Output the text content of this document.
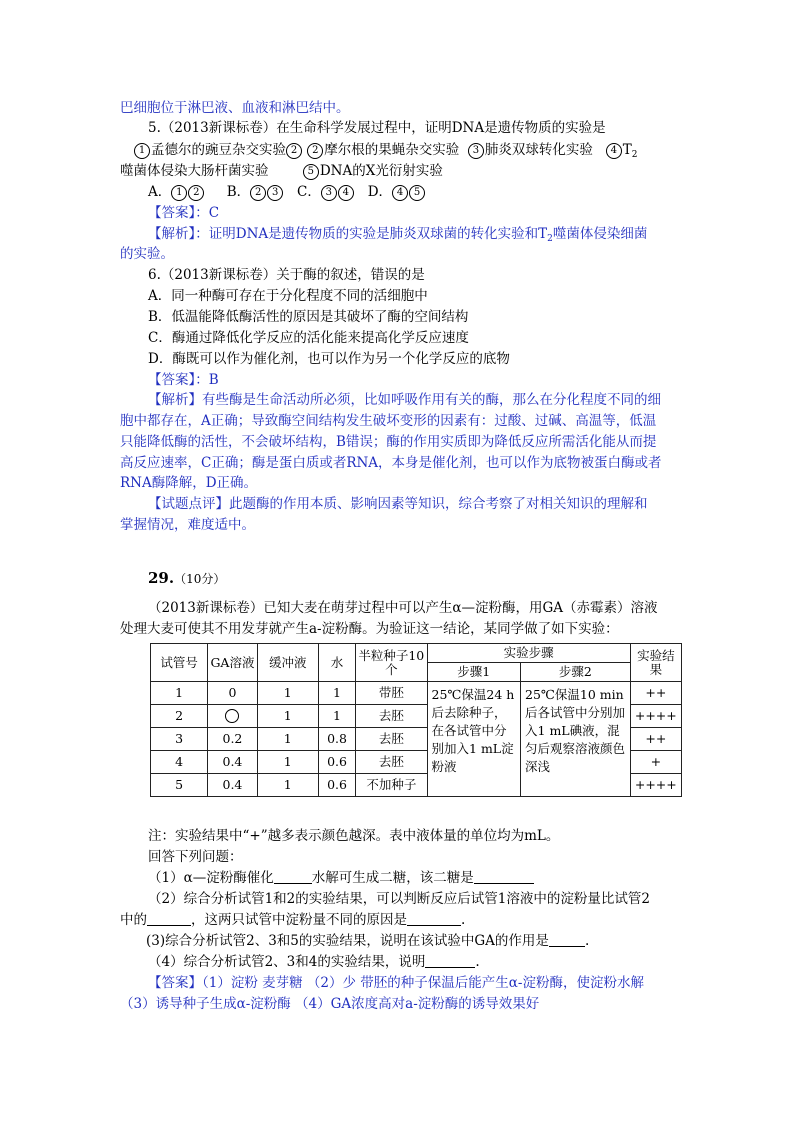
巴细胞位于淋巴液、血液和淋巴结中。
5.（2013新课标卷）在生命科学发展过程中，证明DNA是遗传物质的实验是
1 孟德尔的豌豆杂交实验 2 2 摩尔根的果蝇杂交实验 3 肺炎双球转化实验 4 $T_2$
噬菌体侵染大肠杆菌实验	5 DNA的X光衍射实验
A． 1 2 B． 2 3 C． 3 4 D． 4 5
【答案】：C
【解析】：证明DNA是遗传物质的实验是肺炎双球菌的转化实验和$T_2$噬菌体侵染细菌
的实验。
6.（2013新课标卷）关于酶的叙述，错误的是
A．同一种酶可存在于分化程度不同的活细胞中
B．低温能降低酶活性的原因是其破坏了酶的空间结构
C．酶通过降低化学反应的活化能来提高化学反应速度
D．酶既可以作为催化剂，也可以作为另一个化学反应的底物
【答案】：B
【解析】有些酶是生命活动所必须，比如呼吸作用有关的酶，那么在分化程度不同的细
胞中都存在，A正确；导致酶空间结构发生破坏变形的因素有：过酸、过碱、高温等，低温
只能降低酶的活性，不会破坏结构，B错误；酶的作用实质即为降低反应所需活化能从而提
高反应速率，C正确；酶是蛋白质或者RNA，本身是催化剂，也可以作为底物被蛋白酶或者
RNA酶降解，D正确。
【试题点评】此题酶的作用本质、影响因素等知识，综合考察了对相关知识的理解和
掌握情况，难度适中。
29.（10分）
（2013新课标卷）已知大麦在萌芽过程中可以产生α—淀粉酶，用GA（赤霉素）溶液
处理大麦可使其不用发芽就产生a-淀粉酶。为验证这一结论，某同学做了如下实验：
试管号	GA溶液	缓冲液	水	半粒种子10个	实验步骤		实验结果
					步骤1	步骤2	
1	0	1	1	带胚	25℃保温24 h后去除种子，在各试管中分别加入1 mL淀粉液	25℃保温10 min后各试管中分别加入1 mL碘液，混匀后观察溶液颜色深浅	++
2		1	1	去胚			++++
3	0.2	1	0.8	去胚			++
4	0.4	1	0.6	去胚			+
5	0.4	1	0.6	不加种子			++++
注：实验结果中“+”越多表示颜色越深。表中液体量的单位均为mL。
回答下列问题：
（1）α—淀粉酶催化	水解可生成二糖，该二糖是
（2）综合分析试管1和2的实验结果，可以判断反应后试管1溶液中的淀粉量比试管2
中的	，这两只试管中淀粉量不同的原因是	.
(3)综合分析试管2、3和5的实验结果，说明在该试验中GA的作用是	.
（4）综合分析试管2、3和4的实验结果，说明	.
【答案】（1）淀粉 麦芽糖 （2）少 带胚的种子保温后能产生α-淀粉酶，使淀粉水解
（3）诱导种子生成α-淀粉酶 （4）GA浓度高对a-淀粉酶的诱导效果好
